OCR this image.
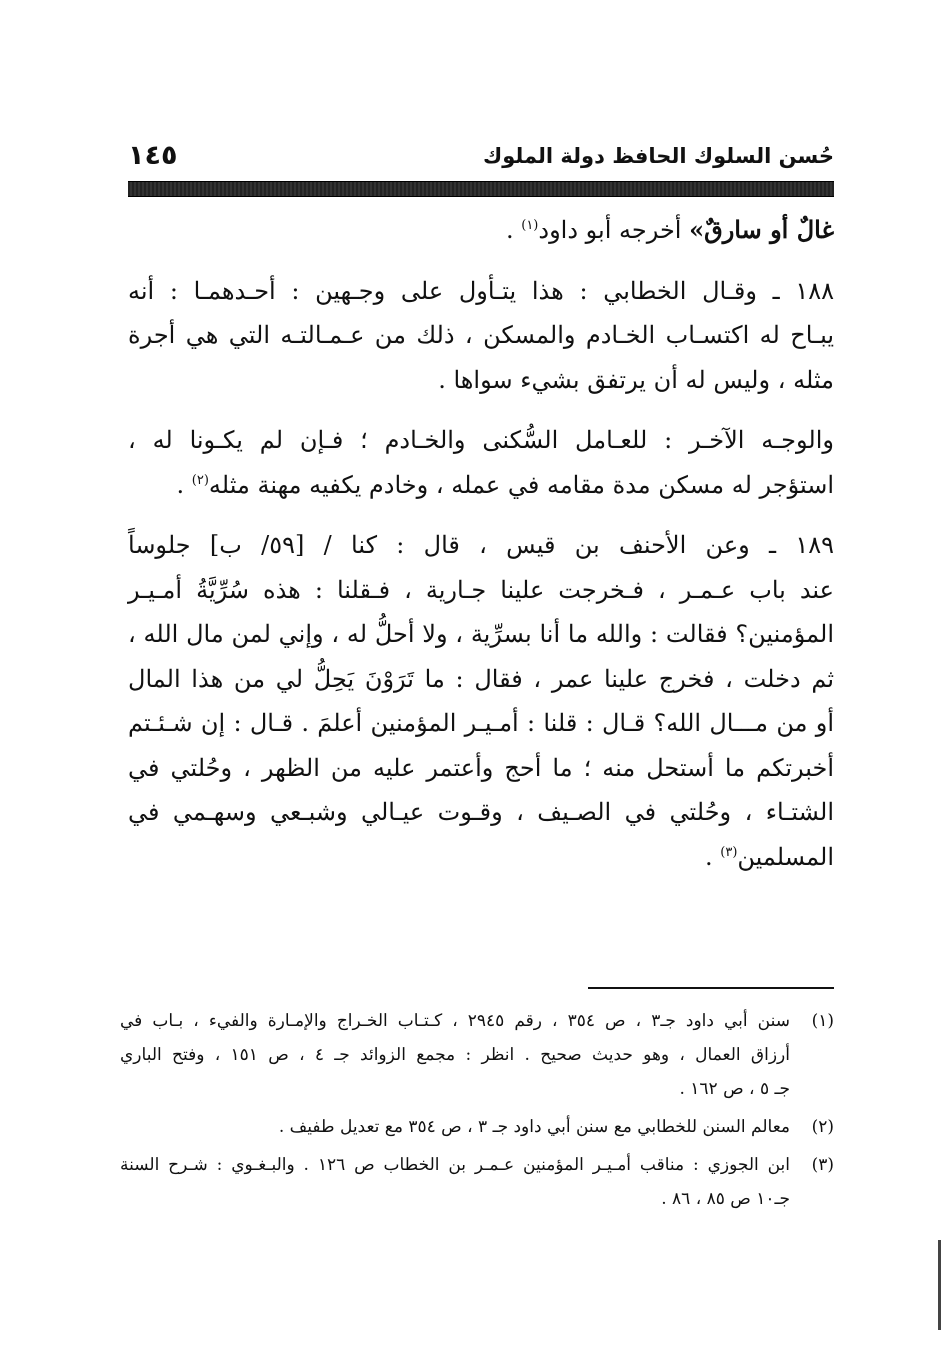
حُسن السلوك الحافظ دولة الملوك
١٤٥

غالٌ أو سارقٌ» أخرجه أبو داود$^{(١)}$ .

١٨٨ ـ وقـال الخطابي : هذا يتـأول على وجـهين : أحـدهمـا : أنه
يبـاح له اكتسـاب الخـادم والمسكن ، ذلك من عـمـالتـه التي هي أجرة
مثله ، وليس له أن يرتفق بشيء سواها .

والوجـه الآخـر : للعـامل السُّكنى والخـادم ؛ فـإن لم يكـونا له ،
استؤجر له مسكن مدة مقامه في عمله ، وخادم يكفيه مهنة مثله$^{(٢)}$ .

١٨٩ ـ وعن الأحنف بن قيس ، قال : كنا / [٥٩/ ب] جلوساً
عند باب عـمـر ، فـخرجت علينا جـارية ، فـقلنا : هذه سُرِّيَّةُ أمـيـر
المؤمنين؟ فقالت : والله ما أنا بسرِّية ، ولا أحلُّ له ، وإني لمن مال الله ،
ثم دخلت ، فخرج علينا عمر ، فقال : ما تَرَوْنَ يَحِلُّ لي من هذا المال
أو من مـــال الله؟ قـال : قلنا : أمـيـر المؤمنين أعلمَ . قـال : إن شـئـتم
أخبرتكم ما أستحل منه ؛ ما أحج وأعتمر عليه من الظهر ، وحُلتي في
الشتـاء ، وحُلتي في الصـيف ، وقـوت عيـالي وشبـعي وسهـمي في
المسلمين$^{(٣)}$ .

(١)
سنن أبي داود جـ٣ ، ص ٣٥٤ ، رقم ٢٩٤٥ ، كـتـاب الخـراج والإمـارة والفيء ، بـاب في
أرزاق العمال ، وهو حديث صحيح . انظر : مجمع الزوائد جـ ٤ ، ص ١٥١ ، وفتح الباري
جـ ٥ ، ص ١٦٢ .
(٢)
معالم السنن للخطابي مع سنن أبي داود جـ ٣ ، ص ٣٥٤ مع تعديل طفيف .
(٣)
ابن الجوزي : مناقب أمـيـر المؤمنين عـمـر بن الخطاب ص ١٢٦ . والبـغـوي : شـرح السنة
جـ١٠ ص ٨٥ ، ٨٦ .
